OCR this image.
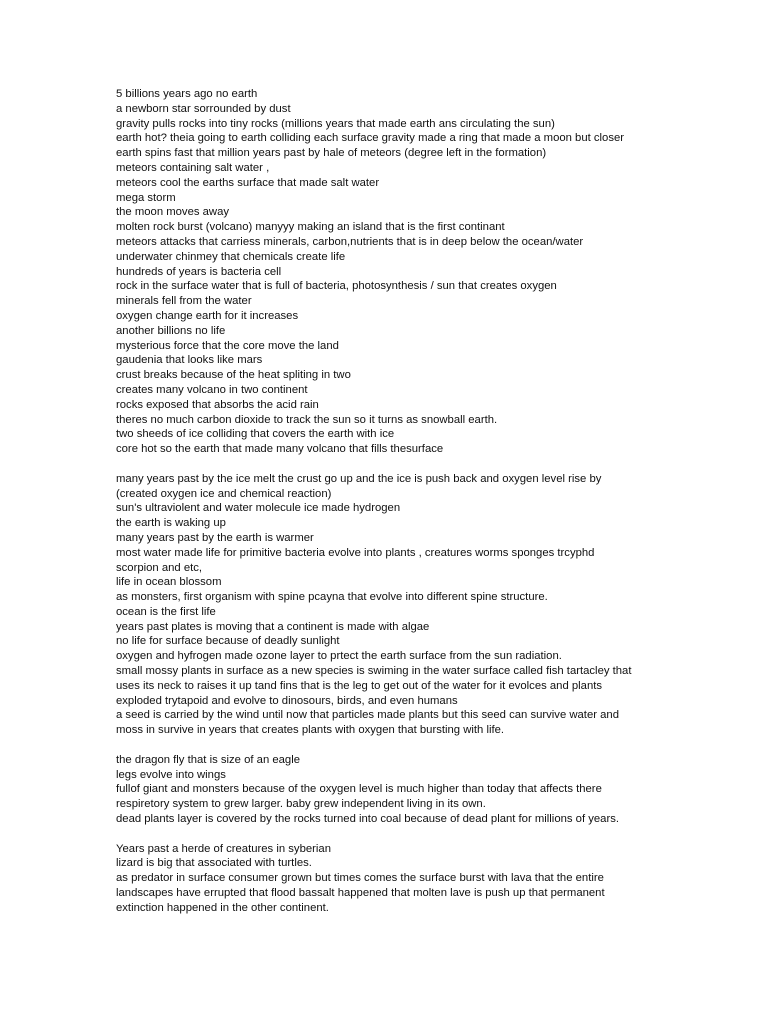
5 billions years ago no earth
a newborn star sorrounded by dust
gravity pulls rocks into tiny rocks (millions years that made earth ans circulating the sun)
earth hot? theia going to earth colliding each surface gravity made a ring that made a moon but closer
earth spins fast that million years past by hale of meteors (degree left in the formation)
meteors containing salt water ,
meteors cool the earths surface that made salt water
mega storm
the moon moves away
molten rock burst (volcano) manyyy making an island that is the first continant
meteors attacks that carriess minerals, carbon,nutrients that is in deep below the ocean/water
underwater chinmey that chemicals create life
hundreds of years is bacteria cell
rock in the surface water that is full of bacteria, photosynthesis / sun that creates oxygen
minerals fell from the water
oxygen change earth for it increases
another billions no life
mysterious force that the core move the land
gaudenia that looks like mars
crust breaks because of the heat spliting in two
creates many volcano in two continent
rocks exposed that absorbs the acid rain
theres no much carbon dioxide to track the sun so it turns as snowball earth.
two sheeds of ice colliding that covers the earth with ice
core hot so the earth that made many volcano that fills thesurface
many years past by the ice melt the crust go up and the ice is push back and oxygen level rise by
(created oxygen ice and chemical reaction)
sun's ultraviolent and water molecule ice made hydrogen
the earth is waking up
many years past by the earth is warmer
most water made life for primitive bacteria evolve into plants , creatures worms sponges trcyphd
scorpion and etc,
life in ocean blossom
as monsters, first organism with spine pcayna that evolve into different spine structure.
ocean is the first life
years past plates is moving that a continent is made with algae
no life for surface because of deadly sunlight
oxygen and hyfrogen made ozone layer to prtect the earth surface from the sun radiation.
small mossy plants in surface as a new species is swiming in the water surface called fish tartacley that
uses its neck to raises it up tand fins that is the leg to get out of the water for it evolces and plants
exploded trytapoid and evolve to dinosours, birds, and even humans
a seed is carried by the wind until now that particles made plants but this seed can survive water and
moss in survive in years that creates plants with oxygen that bursting with life.
the dragon fly that is size of an eagle
legs evolve into wings
fullof giant and monsters because of the oxygen level is much higher than today that affects there
respiretory system to grew larger. baby grew independent living in its own.
dead plants layer is covered by the rocks turned into coal because of dead plant for millions of years.
Years past a herde of creatures in syberian
lizard is big that associated with turtles.
as predator in surface consumer grown but times comes the surface burst with lava that the entire
landscapes have errupted that flood bassalt happened that molten lave is push up that permanent
extinction happened in the other continent.
